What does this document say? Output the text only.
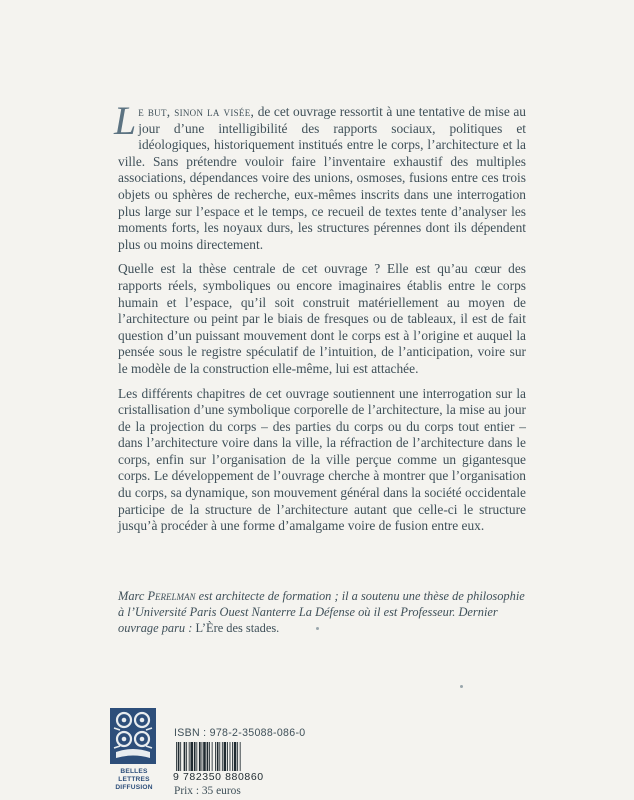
Le but, sinon la visée, de cet ouvrage ressortit à une tentative de mise au jour d’une intelligibilité des rapports sociaux, politiques et idéologiques, historiquement institués entre le corps, l’architecture et la ville. Sans prétendre vouloir faire l’inventaire exhaustif des multiples associations, dépendances voire des unions, osmoses, fusions entre ces trois objets ou sphères de recherche, eux-mêmes inscrits dans une interrogation plus large sur l’espace et le temps, ce recueil de textes tente d’analyser les moments forts, les noyaux durs, les structures pérennes dont ils dépendent plus ou moins directement.

Quelle est la thèse centrale de cet ouvrage ? Elle est qu’au cœur des rapports réels, symboliques ou encore imaginaires établis entre le corps humain et l’espace, qu’il soit construit matériellement au moyen de l’architecture ou peint par le biais de fresques ou de tableaux, il est de fait question d’un puissant mouvement dont le corps est à l’origine et auquel la pensée sous le registre spéculatif de l’intuition, de l’anticipation, voire sur le modèle de la construction elle-même, lui est attachée.

Les différents chapitres de cet ouvrage soutiennent une interrogation sur la cristallisation d’une symbolique corporelle de l’architecture, la mise au jour de la projection du corps – des parties du corps ou du corps tout entier – dans l’architecture voire dans la ville, la réfraction de l’architecture dans le corps, enfin sur l’organisation de la ville perçue comme un gigantesque corps. Le développement de l’ouvrage cherche à montrer que l’organisation du corps, sa dynamique, son mouvement général dans la société occidentale participe de la structure de l’architecture autant que celle-ci le structure jusqu’à procéder à une forme d’amalgame voire de fusion entre eux.

Marc Perelman est architecte de formation ; il a soutenu une thèse de philosophie à l’Université Paris Ouest Nanterre La Défense où il est Professeur. Dernier ouvrage paru : L’Ère des stades.
BELLES LETTRES
DIFFUSION
ISBN : 978-2-35088-086-0
9 782350 880860
Prix : 35 euros
